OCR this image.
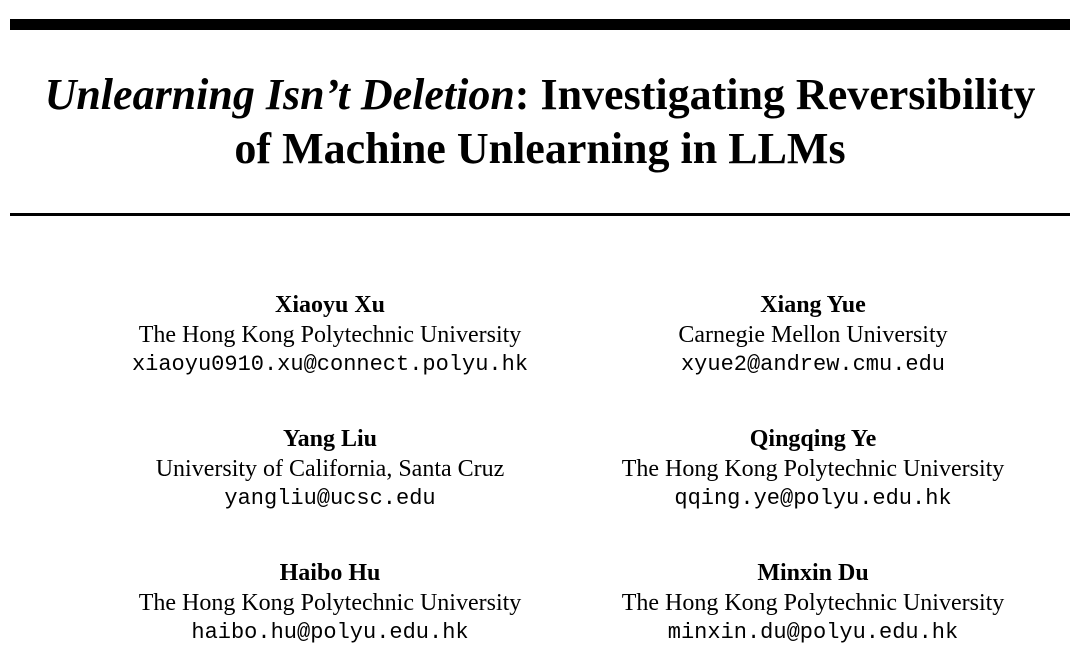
Unlearning Isn’t Deletion: Investigating Reversibility
of Machine Unlearning in LLMs
Xiaoyu Xu
The Hong Kong Polytechnic University
xiaoyu0910.xu@connect.polyu.hk
Xiang Yue
Carnegie Mellon University
xyue2@andrew.cmu.edu
Yang Liu
University of California, Santa Cruz
yangliu@ucsc.edu
Qingqing Ye
The Hong Kong Polytechnic University
qqing.ye@polyu.edu.hk
Haibo Hu
The Hong Kong Polytechnic University
haibo.hu@polyu.edu.hk
Minxin Du
The Hong Kong Polytechnic University
minxin.du@polyu.edu.hk
